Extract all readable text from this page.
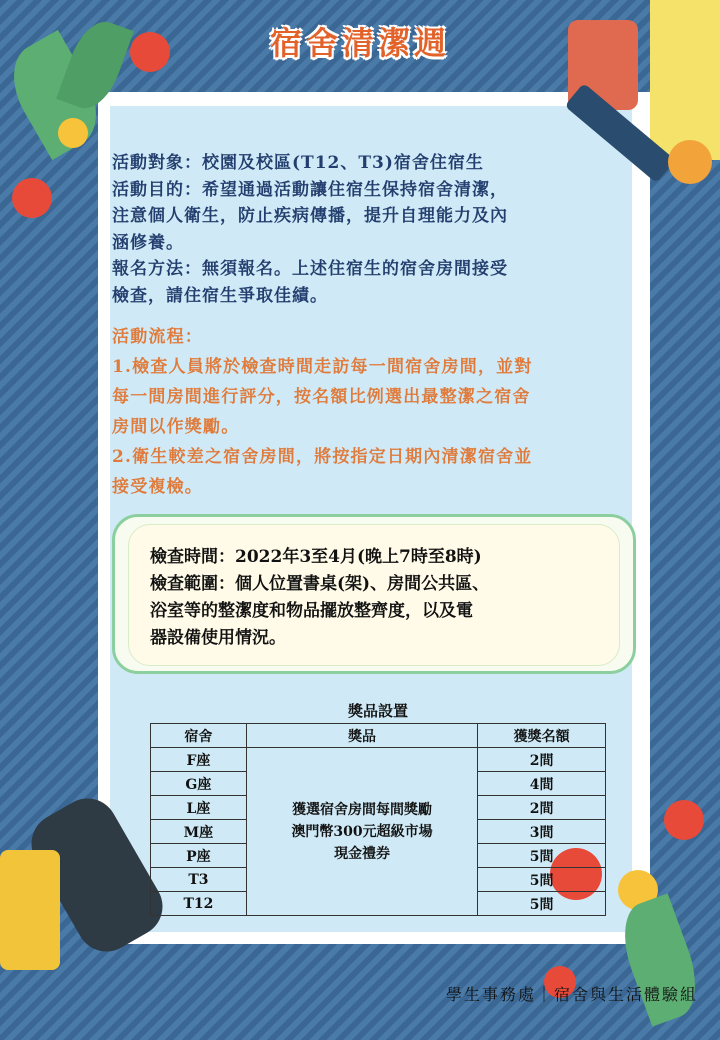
宿舍清潔週
活動對象：校園及校區(T12、T3)宿舍住宿生
活動目的：希望通過活動讓住宿生保持宿舍清潔，
注意個人衛生，防止疾病傳播，提升自理能力及內
涵修養。
報名方法：無須報名。上述住宿生的宿舍房間接受
檢查，請住宿生爭取佳績。
活動流程：
1.檢查人員將於檢查時間走訪每一間宿舍房間，並對
每一間房間進行評分，按名額比例選出最整潔之宿舍
房間以作獎勵。
2.衛生較差之宿舍房間，將按指定日期內清潔宿舍並
接受複檢。
檢查時間：2022年3至4月(晚上7時至8時)
檢查範圍：個人位置書桌(架)、房間公共區、
浴室等的整潔度和物品擺放整齊度，以及電
器設備使用情況。
獎品設置
宿舍	獎品	獲獎名額
F座	獲選宿舍房間每間獎勵
澳門幣300元超級市場
現金禮券	2間
G座		4間
L座		2間
M座		3間
P座		5間
T3		5間
T12		5間
學生事務處｜宿舍與生活體驗組
